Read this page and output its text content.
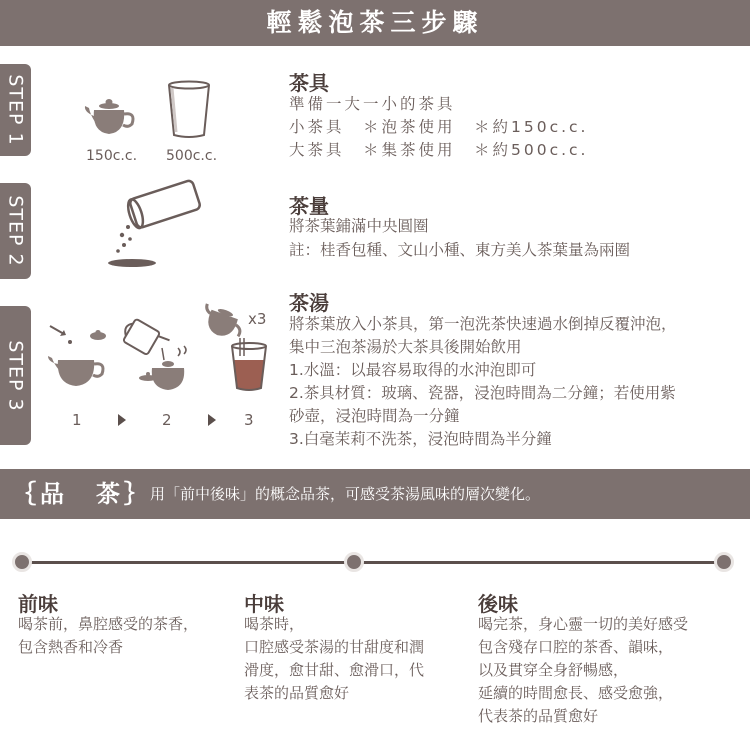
輕鬆泡茶三步驟
STEP 1
150c.c. 500c.c.
茶具
準備一大一小的茶具
小茶具　＊泡茶使用　＊約150c.c.
大茶具　＊集茶使用　＊約500c.c.
STEP 2	茶量
將茶葉鋪滿中央圓圈
註：桂香包種、文山小種、東方美人茶葉量為兩圈
STEP 3
x3
1	2	3
茶湯
將茶葉放入小茶具，第一泡洗茶快速過水倒掉反覆沖泡，
集中三泡茶湯於大茶具後開始飲用
1.水溫：以最容易取得的水沖泡即可
2.茶具材質：玻璃、瓷器，浸泡時間為二分鐘；若使用紫
砂壺，浸泡時間為一分鐘
3.白毫茉莉不洗茶，浸泡時間為半分鐘
｛品　茶｝
用「前中後味」的概念品茶，可感受茶湯風味的層次變化。
前味
喝茶前，鼻腔感受的茶香，
包含熱香和冷香
中味
喝茶時，
口腔感受茶湯的甘甜度和潤
滑度，愈甘甜、愈滑口，代
表茶的品質愈好
後味
喝完茶，身心靈一切的美好感受
包含殘存口腔的茶香、韻味，
以及貫穿全身舒暢感，
延續的時間愈長、感受愈強，
代表茶的品質愈好
